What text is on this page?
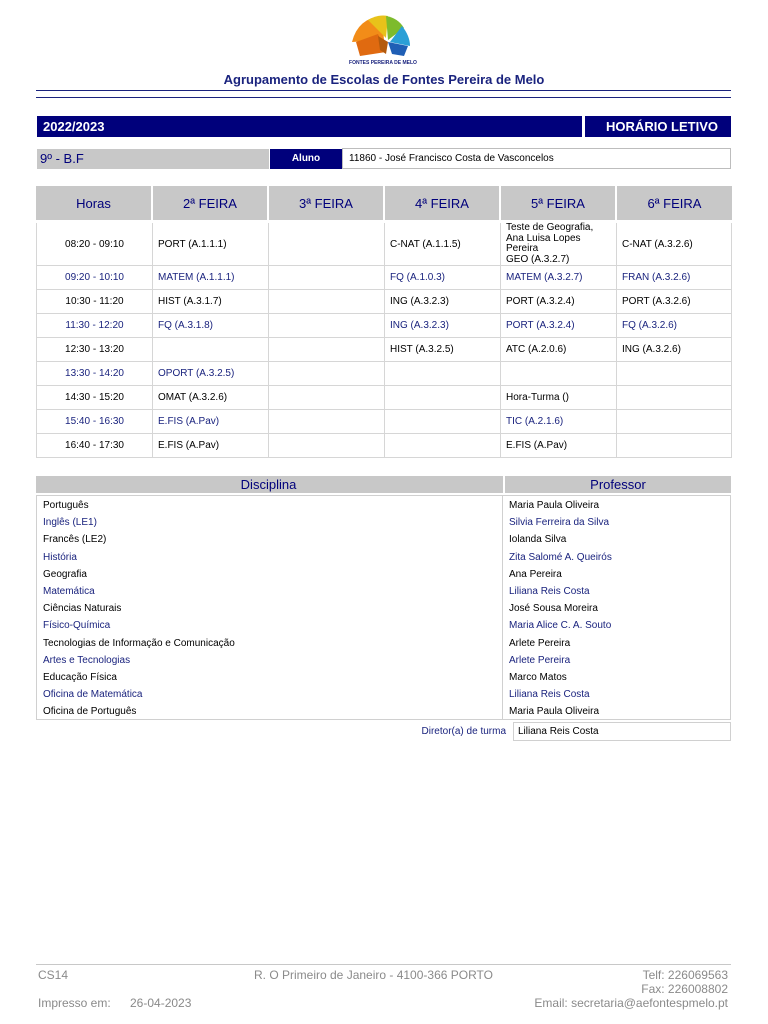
FONTES PEREIRA DE MELO
Agrupamento de Escolas de Fontes Pereira de Melo
2022/2023	HORÁRIO LETIVO
9º - B.F	Aluno	11860 - José Francisco Costa de Vasconcelos
Horas	2ª FEIRA	3ª FEIRA	4ª FEIRA	5ª FEIRA	6ª FEIRA
08:20 - 09:10	PORT (A.1.1.1)		C-NAT (A.1.1.5)	Teste de Geografia,
Ana Luisa Lopes
Pereira
GEO (A.3.2.7)	C-NAT (A.3.2.6)
09:20 - 10:10	MATEM (A.1.1.1)		FQ (A.1.0.3)	MATEM (A.3.2.7)	FRAN (A.3.2.6)
10:30 - 11:20	HIST (A.3.1.7)		ING (A.3.2.3)	PORT (A.3.2.4)	PORT (A.3.2.6)
11:30 - 12:20	FQ (A.3.1.8)		ING (A.3.2.3)	PORT (A.3.2.4)	FQ (A.3.2.6)
12:30 - 13:20			HIST (A.3.2.5)	ATC (A.2.0.6)	ING (A.3.2.6)
13:30 - 14:20	OPORT (A.3.2.5)				
14:30 - 15:20	OMAT (A.3.2.6)			Hora-Turma ()	
15:40 - 16:30	E.FIS (A.Pav)			TIC (A.2.1.6)	
16:40 - 17:30	E.FIS (A.Pav)			E.FIS (A.Pav)	
Disciplina	Professor
Português	Maria Paula Oliveira
Inglês (LE1)	Silvia Ferreira da Silva
Francês (LE2)	Iolanda Silva
História	Zita Salomé A. Queirós
Geografia	Ana Pereira
Matemática	Liliana Reis Costa
Ciências Naturais	José Sousa Moreira
Físico-Química	Maria Alice C. A. Souto
Tecnologias de Informação e Comunicação	Arlete Pereira
Artes e Tecnologias	Arlete Pereira
Educação Física	Marco Matos
Oficina de Matemática	Liliana Reis Costa
Oficina de Português	Maria Paula Oliveira
Diretor(a) de turma	Liliana Reis Costa
CS14
Impresso em: 26-04-2023
R. O Primeiro de Janeiro - 4100-366 PORTO	Telf: 226069563
Fax: 226008802
Email: secretaria@aefontespmelo.pt
